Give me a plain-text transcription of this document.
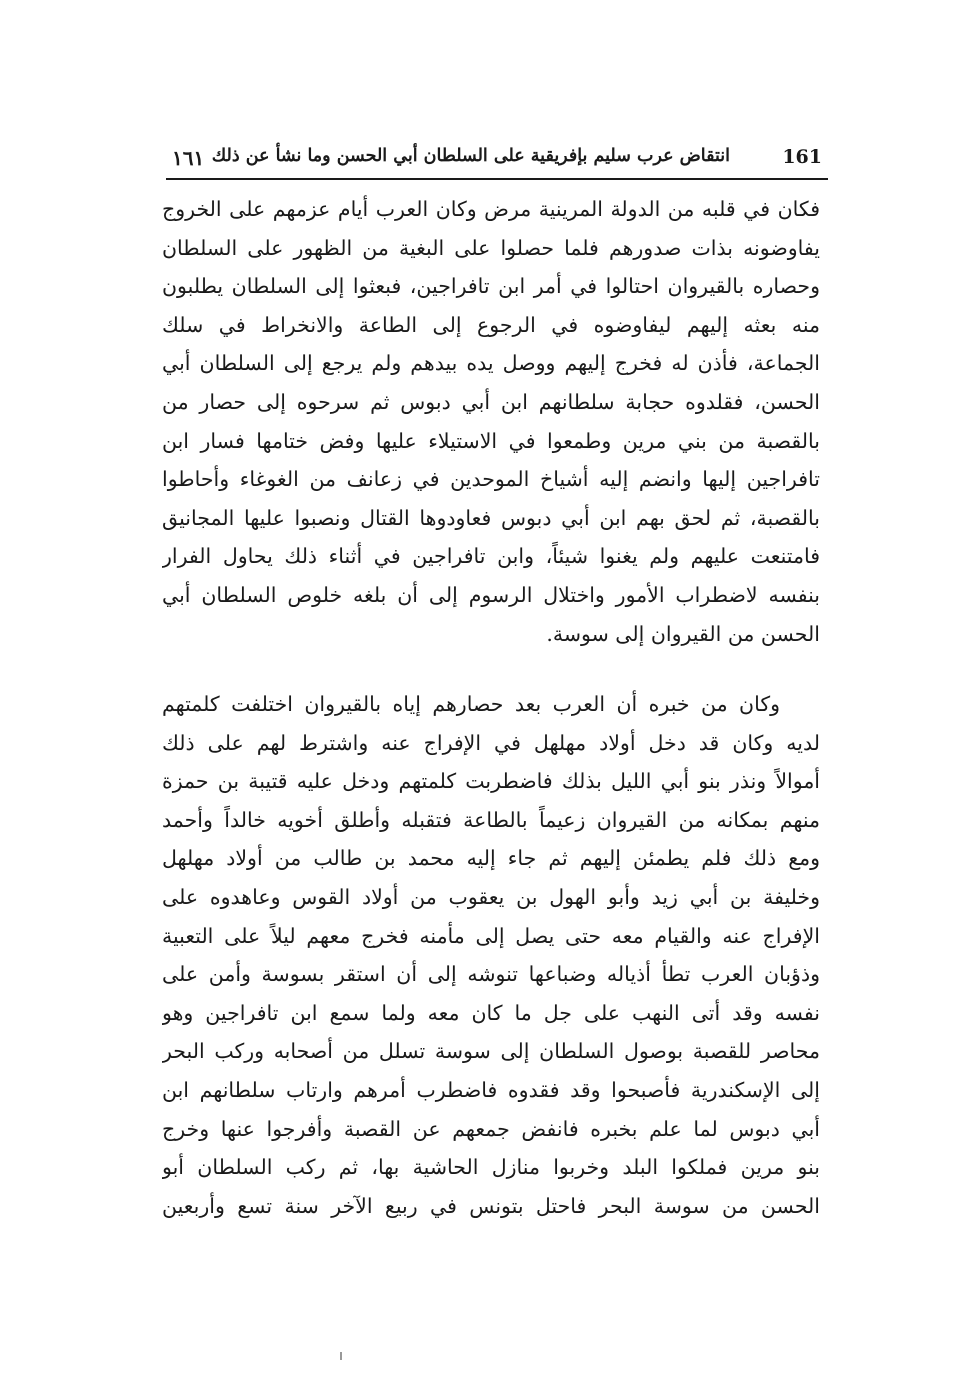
١٦١ انتقاض عرب سليم بإفريقية على السلطان أبي الحسن وما نشأ عن ذلك	161
فكان في قلبه من الدولة المرينية مرض وكان العرب أيام عزمهم على الخروج
يفاوضونه بذات صدورهم فلما حصلوا على البغية من الظهور على السلطان
وحصاره بالقيروان احتالوا في أمر ابن تافراجين، فبعثوا إلى السلطان يطلبون
منه بعثه إليهم ليفاوضوه في الرجوع إلى الطاعة والانخراط في سلك
الجماعة، فأذن له فخرج إليهم ووصل يده بيدهم ولم يرجع إلى السلطان أبي
الحسن، فقلدوه حجابة سلطانهم ابن أبي دبوس ثم سرحوه إلى حصار من
بالقصبة من بني مرين وطمعوا في الاستيلاء عليها وفض ختامها فسار ابن
تافراجين إليها وانضم إليه أشياخ الموحدين في زعانف من الغوغاء وأحاطوا
بالقصبة، ثم لحق بهم ابن أبي دبوس فعاودوها القتال ونصبوا عليها المجانيق
فامتنعت عليهم ولم يغنوا شيئاً، وابن تافراجين في أثناء ذلك يحاول الفرار
بنفسه لاضطراب الأمور واختلال الرسوم إلى أن بلغه خلوص السلطان أبي
الحسن من القيروان إلى سوسة.
وكان من خبره أن العرب بعد حصارهم إياه بالقيروان اختلفت كلمتهم
لديه وكان قد دخل أولاد مهلهل في الإفراج عنه واشترط لهم على ذلك
أموالاً ونذر بنو أبي الليل بذلك فاضطربت كلمتهم ودخل عليه قتيبة بن حمزة
منهم بمكانه من القيروان زعيماً بالطاعة فتقبله وأطلق أخويه خالداً وأحمد
ومع ذلك فلم يطمئن إليهم ثم جاء إليه محمد بن طالب من أولاد مهلهل
وخليفة بن أبي زيد وأبو الهول بن يعقوب من أولاد القوس وعاهدوه على
الإفراج عنه والقيام معه حتى يصل إلى مأمنه فخرج معهم ليلاً على التعبية
وذؤبان العرب تطأ أذياله وضباعها تنوشه إلى أن استقر بسوسة وأمن على
نفسه وقد أتى النهب على جل ما كان معه ولما سمع ابن تافراجين وهو
محاصر للقصبة بوصول السلطان إلى سوسة تسلل من أصحابه وركب البحر
إلى الإسكندرية فأصبحوا وقد فقدوه فاضطرب أمرهم وارتاب سلطانهم ابن
أبي دبوس لما علم بخبره فانفض جمعهم عن القصبة وأفرجوا عنها وخرج
بنو مرين فملكوا البلد وخربوا منازل الحاشية بها، ثم ركب السلطان أبو
الحسن من سوسة البحر فاحتل بتونس في ربيع الآخر سنة تسع وأربعين
